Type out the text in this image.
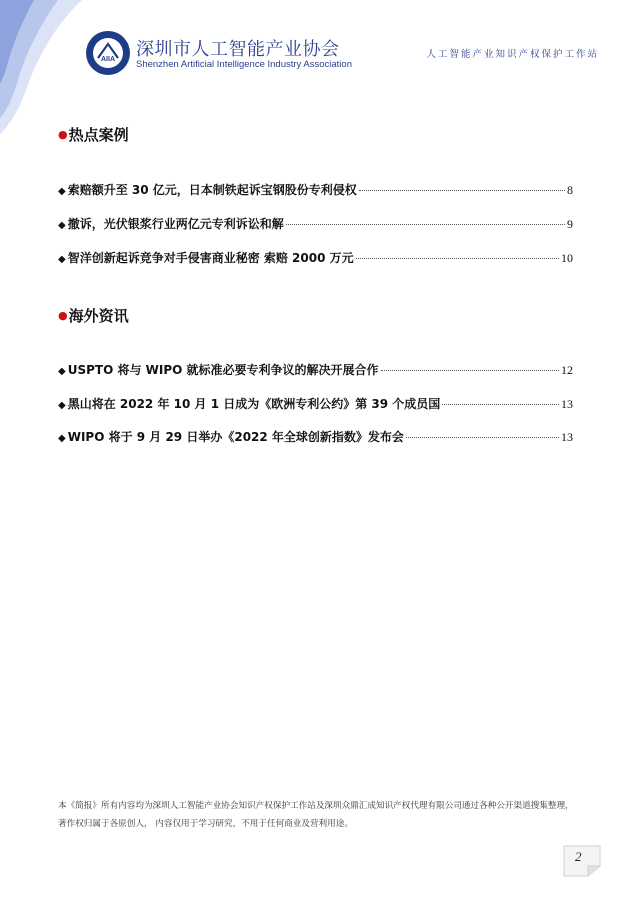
AIIA 深圳市人工智能产业协会
Shenzhen Artificial Intelligence Industry Association
人工智能产业知识产权保护工作站
●热点案例
◆ 索赔额升至 30 亿元，日本制铁起诉宝钢股份专利侵权	8
◆ 撤诉，光伏银浆行业两亿元专利诉讼和解	9
◆ 智洋创新起诉竞争对手侵害商业秘密 索赔 2000 万元	10
●海外资讯
◆ USPTO 将与 WIPO 就标准必要专利争议的解决开展合作	12
◆ 黑山将在 2022 年 10 月 1 日成为《欧洲专利公约》第 39 个成员国	13
◆ WIPO 将于 9 月 29 日举办《2022 年全球创新指数》发布会	13
本《简报》所有内容均为深圳人工智能产业协会知识产权保护工作站及深圳众鼎汇成知识产权代理有限公司通过各种公开渠道搜集整理，著作权归属于各原创人， 内容仅用于学习研究，不用于任何商业及营利用途。
2
